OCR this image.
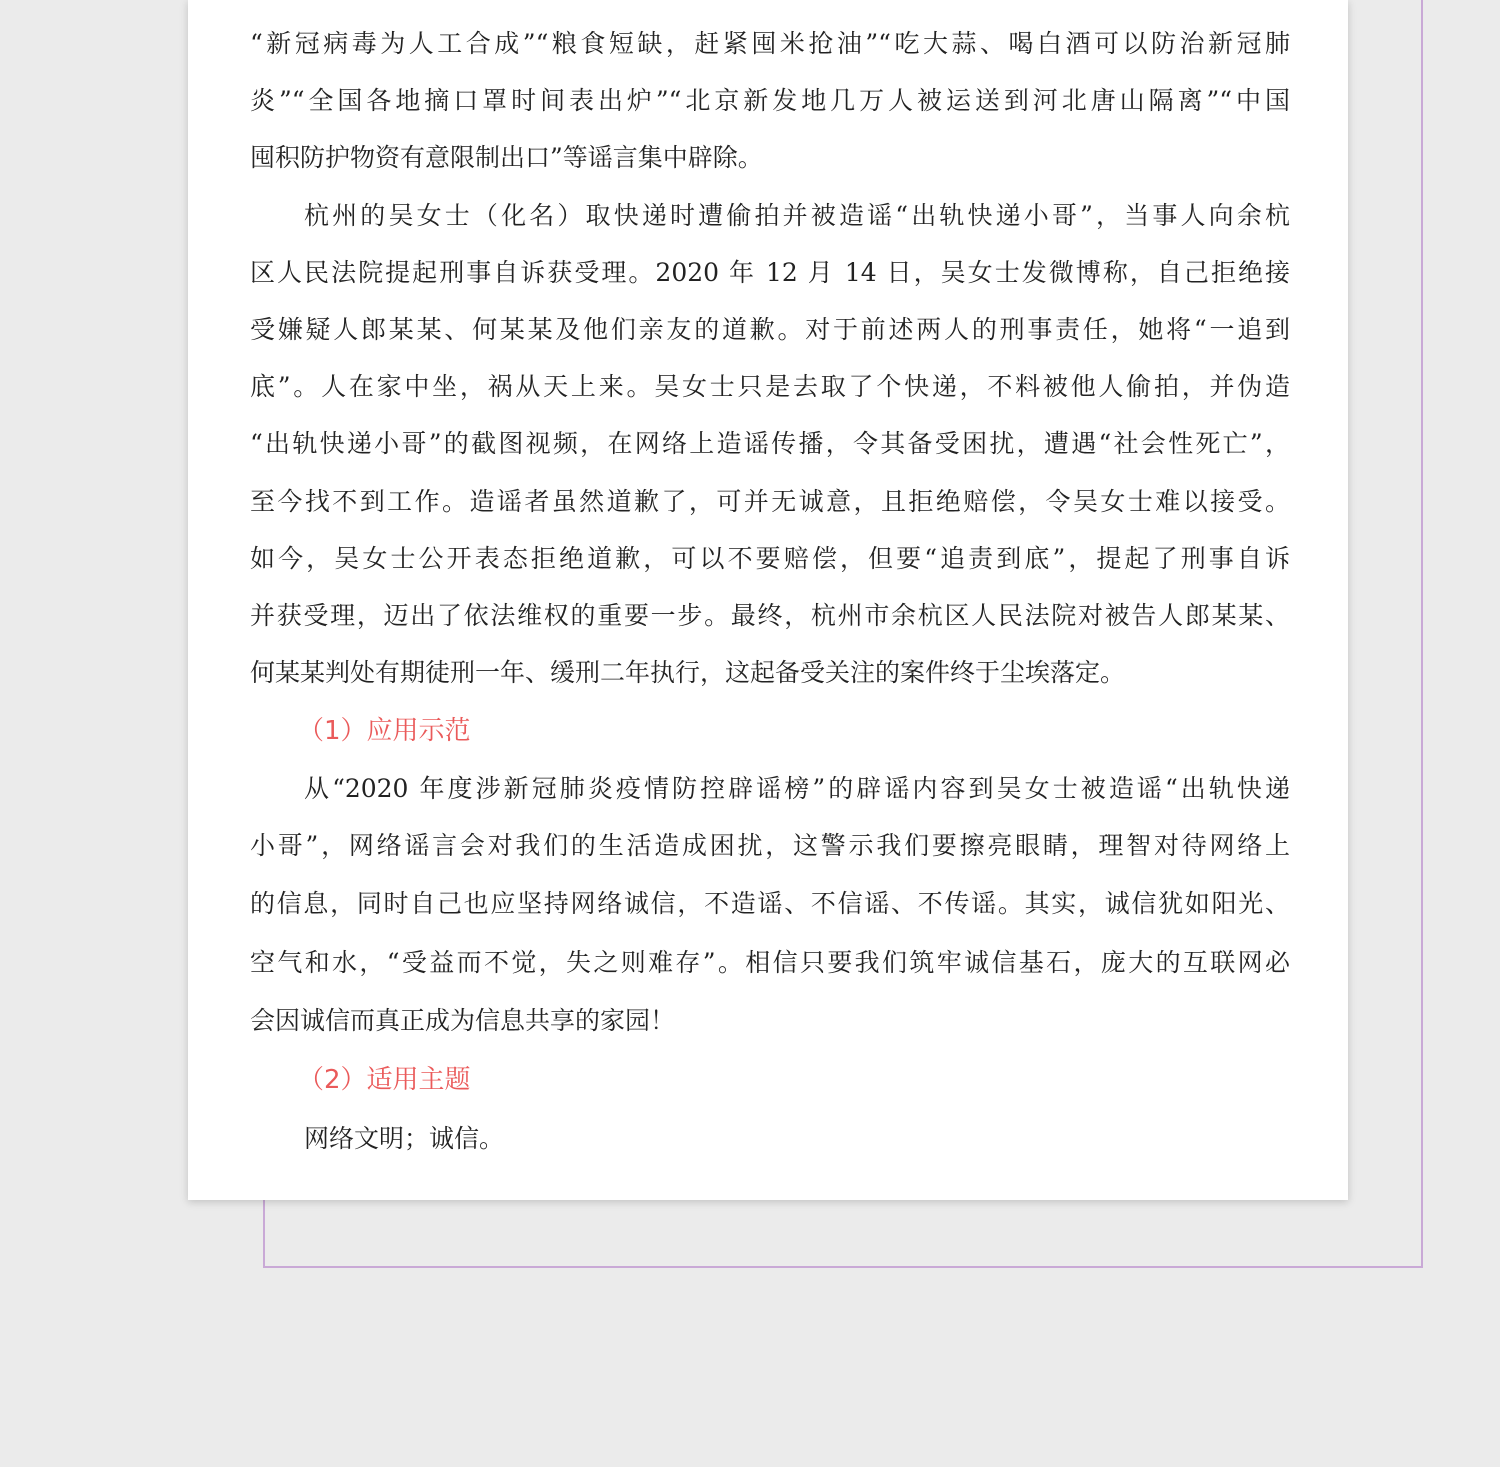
“新冠病毒为人工合成”“粮食短缺，赶紧囤米抢油”“吃大蒜、喝白酒可以防治新冠肺
炎”“全国各地摘口罩时间表出炉”“北京新发地几万人被运送到河北唐山隔离”“中国
囤积防护物资有意限制出口”等谣言集中辟除。
杭州的吴女士（化名）取快递时遭偷拍并被造谣“出轨快递小哥”，当事人向余杭
区人民法院提起刑事自诉获受理。2020 年 12 月 14 日，吴女士发微博称，自己拒绝接
受嫌疑人郎某某、何某某及他们亲友的道歉。对于前述两人的刑事责任，她将“一追到
底”。人在家中坐，祸从天上来。吴女士只是去取了个快递，不料被他人偷拍，并伪造
“出轨快递小哥”的截图视频，在网络上造谣传播，令其备受困扰，遭遇“社会性死亡”，
至今找不到工作。造谣者虽然道歉了，可并无诚意，且拒绝赔偿，令吴女士难以接受。
如今，吴女士公开表态拒绝道歉，可以不要赔偿，但要“追责到底”，提起了刑事自诉
并获受理，迈出了依法维权的重要一步。最终，杭州市余杭区人民法院对被告人郎某某、
何某某判处有期徒刑一年、缓刑二年执行，这起备受关注的案件终于尘埃落定。
（1）应用示范
从“2020 年度涉新冠肺炎疫情防控辟谣榜”的辟谣内容到吴女士被造谣“出轨快递
小哥”，网络谣言会对我们的生活造成困扰，这警示我们要擦亮眼睛，理智对待网络上
的信息，同时自己也应坚持网络诚信，不造谣、不信谣、不传谣。其实，诚信犹如阳光、
空气和水，“受益而不觉，失之则难存”。相信只要我们筑牢诚信基石，庞大的互联网必
会因诚信而真正成为信息共享的家园！
（2）适用主题
网络文明；诚信。
